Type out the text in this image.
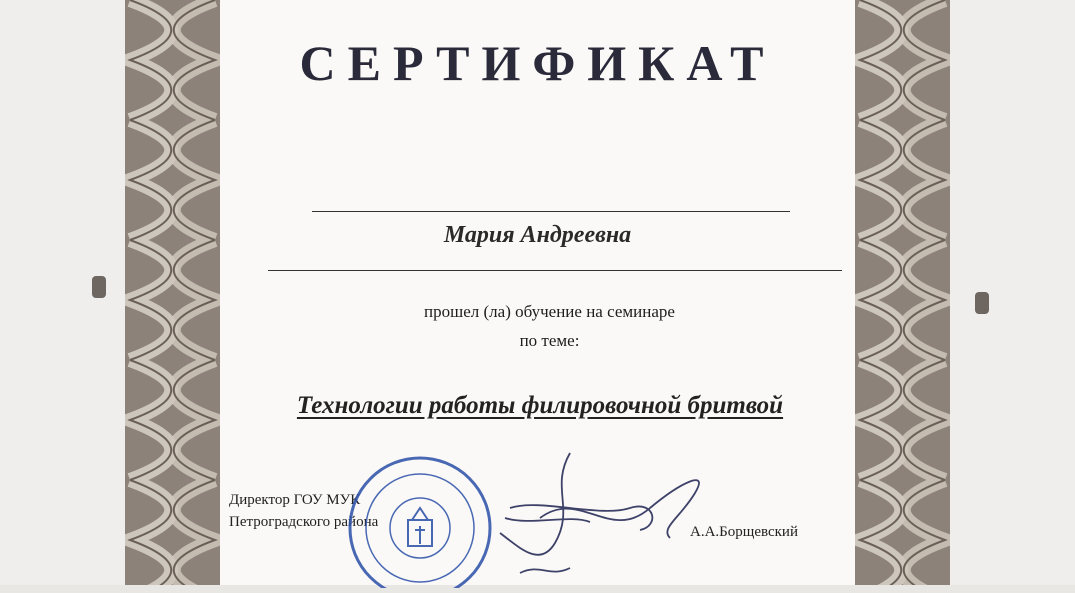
СЕРТИФИКАТ
Мария Андреевна
прошел (ла) обучение на семинаре
по теме:
Технологии работы филировочной бритвой
Директор ГОУ МУК
Петроградского района
А.А.Борщевский
